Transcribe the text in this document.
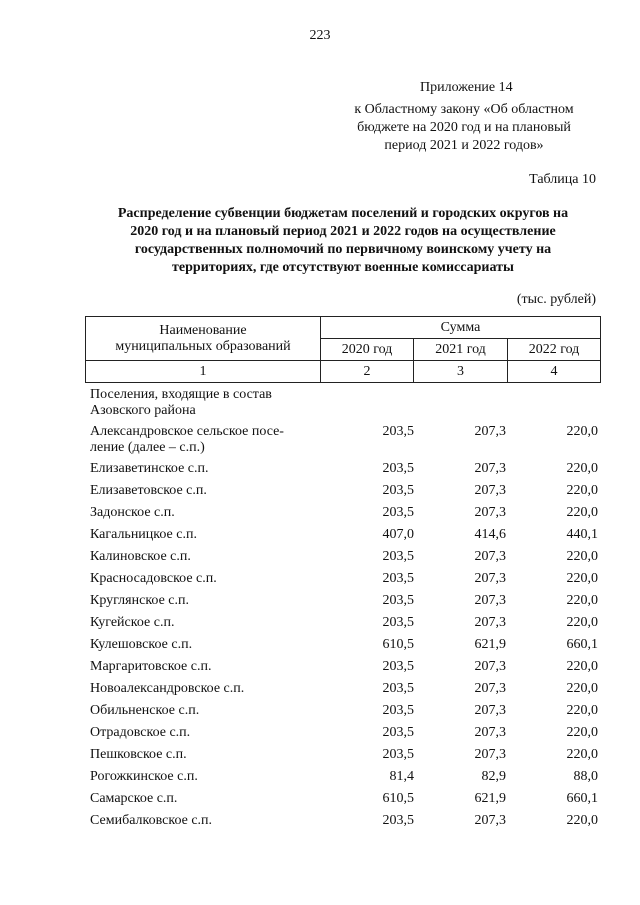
223
Приложение 14
к Областному закону «Об областном
бюджете на 2020 год и на плановый
период 2021 и 2022 годов»
Таблица 10
Распределение субвенции бюджетам поселений и городских округов на
2020 год и на плановый период 2021 и 2022 годов на осуществление
государственных полномочий по первичному воинскому учету на
территориях, где отсутствуют военные комиссариаты
(тыс. рублей)
Наименование
муниципальных образований	Сумма		
	2020 год	2021 год	2022 год
1	2	3	4
Поселения, входящие в состав
Азовского района
Александровское сельское посе-
ление (далее – с.п.)
203,5	207,3	220,0
Елизаветинское с.п.	203,5	207,3	220,0
Елизаветовское с.п.	203,5	207,3	220,0
Задонское с.п.	203,5	207,3	220,0
Кагальницкое с.п.	407,0	414,6	440,1
Калиновское с.п.	203,5	207,3	220,0
Красносадовское с.п.	203,5	207,3	220,0
Круглянское с.п.	203,5	207,3	220,0
Кугейское с.п.	203,5	207,3	220,0
Кулешовское с.п.	610,5	621,9	660,1
Маргаритовское с.п.	203,5	207,3	220,0
Новоалександровское с.п.	203,5	207,3	220,0
Обильненское с.п.	203,5	207,3	220,0
Отрадовское с.п.	203,5	207,3	220,0
Пешковское с.п.	203,5	207,3	220,0
Рогожкинское с.п.	81,4	82,9	88,0
Самарское с.п.	610,5	621,9	660,1
Семибалковское с.п.	203,5	207,3	220,0
